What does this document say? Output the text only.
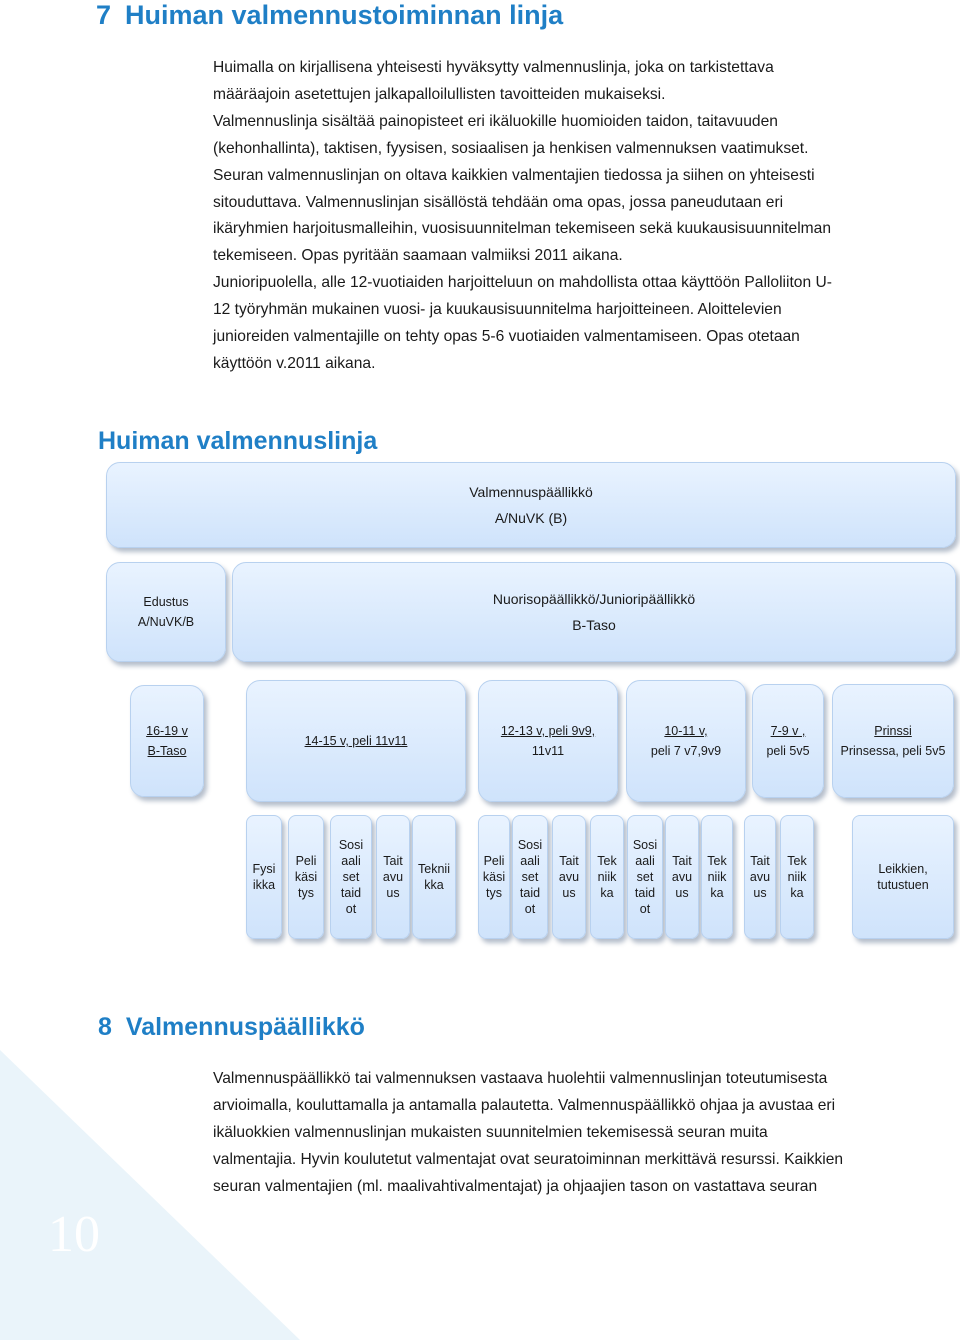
7 Huiman valmennustoiminnan linja
Huimalla on kirjallisena yhteisesti hyväksytty valmennuslinja, joka on tarkistettava
määräajoin asetettujen jalkapalloilullisten tavoitteiden mukaiseksi.
Valmennuslinja sisältää painopisteet eri ikäluokille huomioiden taidon, taitavuuden
(kehonhallinta), taktisen, fyysisen, sosiaalisen ja henkisen valmennuksen vaatimukset.
Seuran valmennuslinjan on oltava kaikkien valmentajien tiedossa ja siihen on yhteisesti
sitouduttava. Valmennuslinjan sisällöstä tehdään oma opas, jossa paneudutaan eri
ikäryhmien harjoitusmalleihin, vuosisuunnitelman tekemiseen sekä kuukausisuunnitelman
tekemiseen. Opas pyritään saamaan valmiiksi 2011 aikana.
Junioripuolella, alle 12-vuotiaiden harjoitteluun on mahdollista ottaa käyttöön Palloliiton U-
12 työryhmän mukainen vuosi- ja kuukausisuunnitelma harjoitteineen. Aloittelevien
junioreiden valmentajille on tehty opas 5-6 vuotiaiden valmentamiseen. Opas otetaan
käyttöön v.2011 aikana.
Huiman valmennuslinja
8 Valmennuspäällikkö
Valmennuspäällikkö tai valmennuksen vastaava huolehtii valmennuslinjan toteutumisesta
arvioimalla, kouluttamalla ja antamalla palautetta. Valmennuspäällikkö ohjaa ja avustaa eri
ikäluokkien valmennuslinjan mukaisten suunnitelmien tekemisessä seuran muita
valmentajia. Hyvin koulutetut valmentajat ovat seuratoiminnan merkittävä resurssi. Kaikkien
seuran valmentajien (ml. maalivahtivalmentajat) ja ohjaajien tason on vastattava seuran
10
Valmennuspäällikkö
A/NuVK (B)
Edustus
A/NuVK/B
Nuorisopäällikkö/Junioripäällikkö
B-Taso
16-19 v
B-Taso
14-15 v, peli 11v11
12-13 v, peli 9v9,
11v11
10-11 v,
peli 7 v7,9v9
7-9 v ,
peli 5v5
Prinssi
Prinsessa, peli 5v5
Fysi
ikka
Peli
käsi
tys
Sosi
aali
set
taid
ot
Tait
avu
us
Teknii
kka
Peli
käsi
tys
Sosi
aali
set
taid
ot
Tait
avu
us
Tek
niik
ka
Sosi
aali
set
taid
ot
Tait
avu
us
Tek
niik
ka
Tait
avu
us
Tek
niik
ka
Leikkien,
tutustuen
